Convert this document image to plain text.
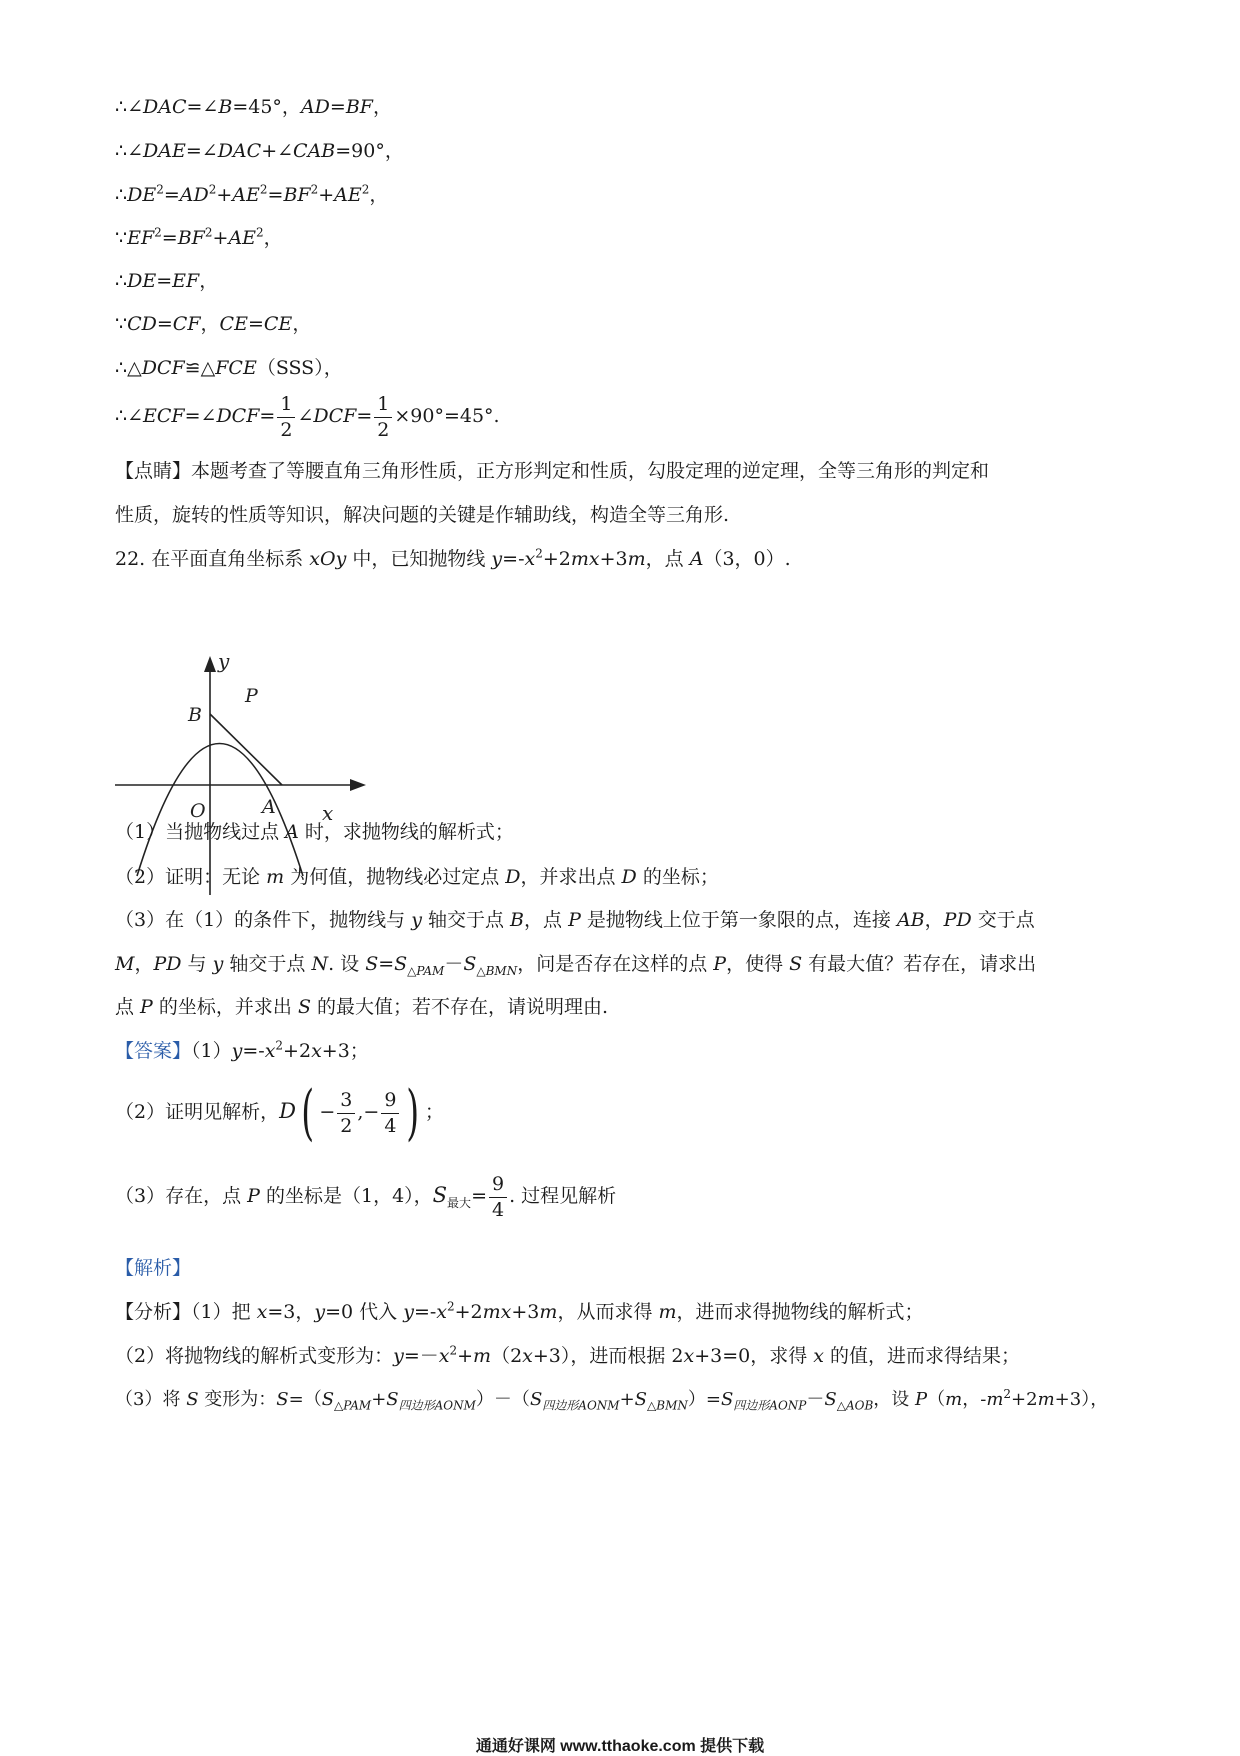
∴∠DAC=∠B=45°，AD=BF，
∴∠DAE=∠DAC+∠CAB=90°，
$\therefore DE^2=AD^2+AE^2=BF^2+AE^2$，
$\because EF^2=BF^2+AE^2$，
∴DE=EF，
∵CD=CF，CE=CE，
∴△DCF≌△FCE（SSS），
∴∠ECF=∠DCF= $\frac{1}{2}$ ∠DCF= $\frac{1}{2} \times 90^\circ=45^\circ$.
【点睛】本题考查了等腰直角三角形性质，正方形判定和性质，勾股定理的逆定理，全等三角形的判定和
性质，旋转的性质等知识，解决问题的关键是作辅助线，构造全等三角形.
22. 在平面直角坐标系 xOy 中，已知抛物线 $y=-x^2+2mx+3m$，点 A（3，0）.
y
x
O	A
B
P
（1）当抛物线过点 A 时，求抛物线的解析式；
（2）证明：无论 m 为何值，抛物线必过定点 D，并求出点 D 的坐标；
（3）在（1）的条件下，抛物线与 y 轴交于点 B，点 P 是抛物线上位于第一象限的点，连接 AB，PD 交于点
M，PD 与 y 轴交于点 N. 设 $S=S_{\triangle PAM}-S_{\triangle BMN}$，问是否存在这样的点 P，使得 S 有最大值？若存在，请求出
点 P 的坐标，并求出 S 的最大值；若不存在，请说明理由.
【答案】$(1)y=-x^2+2x+3$；
（2）证明见解析，$D( - \frac{3}{2}$ ,− $\frac{9}{4}$ ) ；
（3）存在，点 P 的坐标是（1，4），$S_{最大}= \frac{9}{4}$ . 过程见解析
【解析】
【分析】（1）把 x=3，y=0 代入 $y=-x^2+2mx+3m$，从而求得 m，进而求得抛物线的解析式；
（2）将抛物线的解析式变形为：$y=-x^2+m(2x+3)$，进而根据 2x+3=0，求得 x 的值，进而求得结果；
（3）将 S 变形为：$S=(S_{\triangle PAM}+S_{四边形AONM})-(S_{四边形AONM}+S_{\triangle BMN})=S_{四边形AONP}-S_{\triangle AOB}$，设 P（m，$-m^2+2m+3$），
通通好课网 www.tthaoke.com 提供下载
